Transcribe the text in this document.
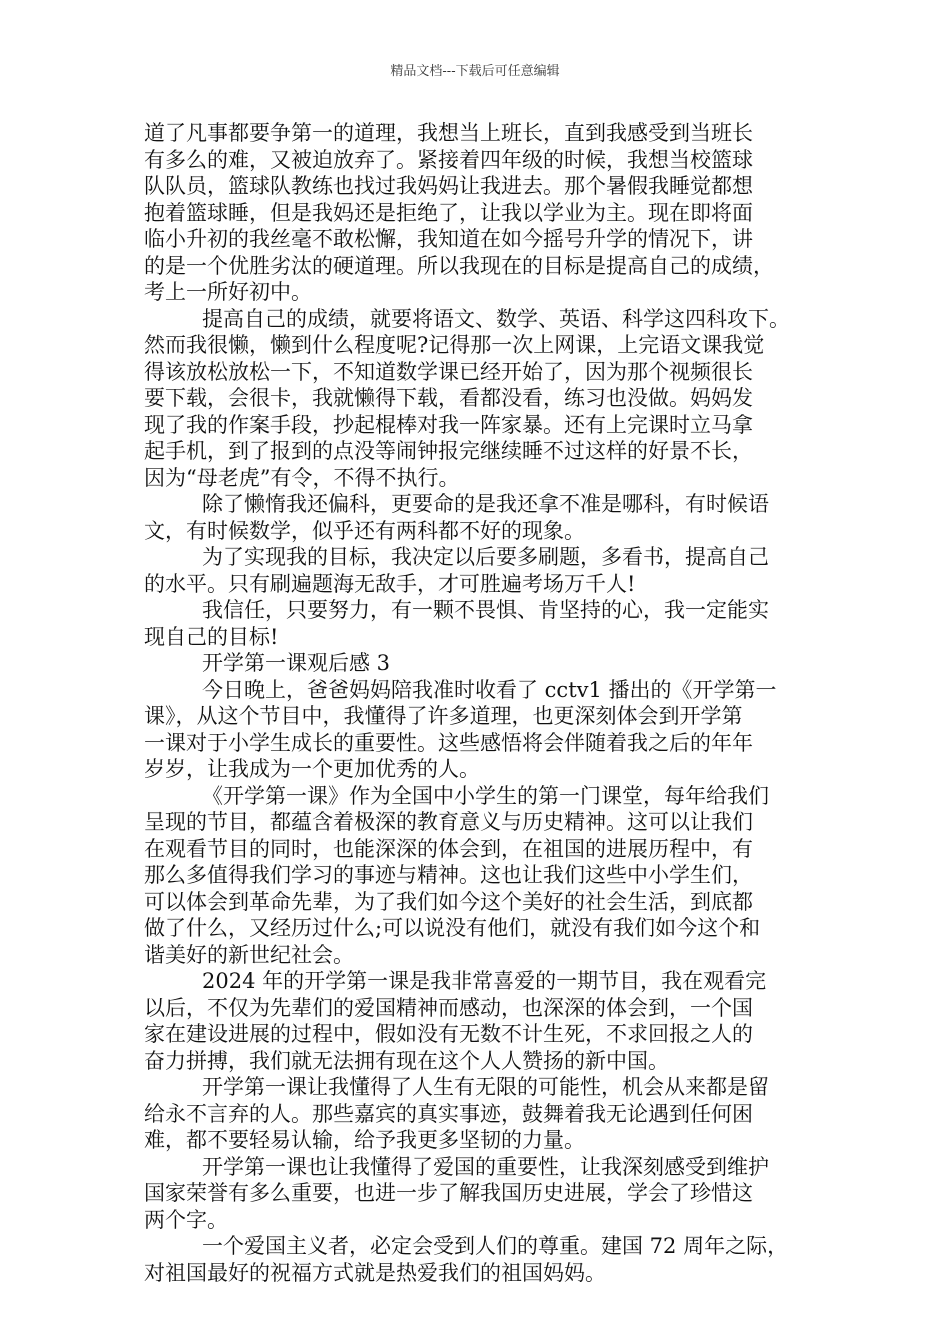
精品文档---下载后可任意编辑
道了凡事都要争第一的道理，我想当上班长，直到我感受到当班长
有多么的难，又被迫放弃了。紧接着四年级的时候，我想当校篮球
队队员，篮球队教练也找过我妈妈让我进去。那个暑假我睡觉都想
抱着篮球睡，但是我妈还是拒绝了，让我以学业为主。现在即将面
临小升初的我丝毫不敢松懈，我知道在如今摇号升学的情况下，讲
的是一个优胜劣汰的硬道理。所以我现在的目标是提高自己的成绩，
考上一所好初中。
提高自己的成绩，就要将语文、数学、英语、科学这四科攻下。
然而我很懒，懒到什么程度呢?记得那一次上网课，上完语文课我觉
得该放松放松一下，不知道数学课已经开始了，因为那个视频很长
要下载，会很卡，我就懒得下载，看都没看，练习也没做。妈妈发
现了我的作案手段，抄起棍棒对我一阵家暴。还有上完课时立马拿
起手机，到了报到的点没等闹钟报完继续睡不过这样的好景不长，
因为“母老虎”有令，不得不执行。
除了懒惰我还偏科，更要命的是我还拿不准是哪科，有时候语
文，有时候数学，似乎还有两科都不好的现象。
为了实现我的目标，我决定以后要多刷题，多看书，提高自己
的水平。只有刷遍题海无敌手，才可胜遍考场万千人!
我信任，只要努力，有一颗不畏惧、肯坚持的心，我一定能实
现自己的目标!
开学第一课观后感 3
今日晚上，爸爸妈妈陪我准时收看了 cctv1 播出的《开学第一
课》，从这个节目中，我懂得了许多道理，也更深刻体会到开学第
一课对于小学生成长的重要性。这些感悟将会伴随着我之后的年年
岁岁，让我成为一个更加优秀的人。
《开学第一课》作为全国中小学生的第一门课堂，每年给我们
呈现的节目，都蕴含着极深的教育意义与历史精神。这可以让我们
在观看节目的同时，也能深深的体会到，在祖国的进展历程中，有
那么多值得我们学习的事迹与精神。这也让我们这些中小学生们，
可以体会到革命先辈，为了我们如今这个美好的社会生活，到底都
做了什么，又经历过什么;可以说没有他们，就没有我们如今这个和
谐美好的新世纪社会。
2024 年的开学第一课是我非常喜爱的一期节目，我在观看完
以后，不仅为先辈们的爱国精神而感动，也深深的体会到，一个国
家在建设进展的过程中，假如没有无数不计生死，不求回报之人的
奋力拼搏，我们就无法拥有现在这个人人赞扬的新中国。
开学第一课让我懂得了人生有无限的可能性，机会从来都是留
给永不言弃的人。那些嘉宾的真实事迹，鼓舞着我无论遇到任何困
难，都不要轻易认输，给予我更多坚韧的力量。
开学第一课也让我懂得了爱国的重要性，让我深刻感受到维护
国家荣誉有多么重要，也进一步了解我国历史进展，学会了珍惜这
两个字。
一个爱国主义者，必定会受到人们的尊重。建国 72 周年之际，
对祖国最好的祝福方式就是热爱我们的祖国妈妈。
